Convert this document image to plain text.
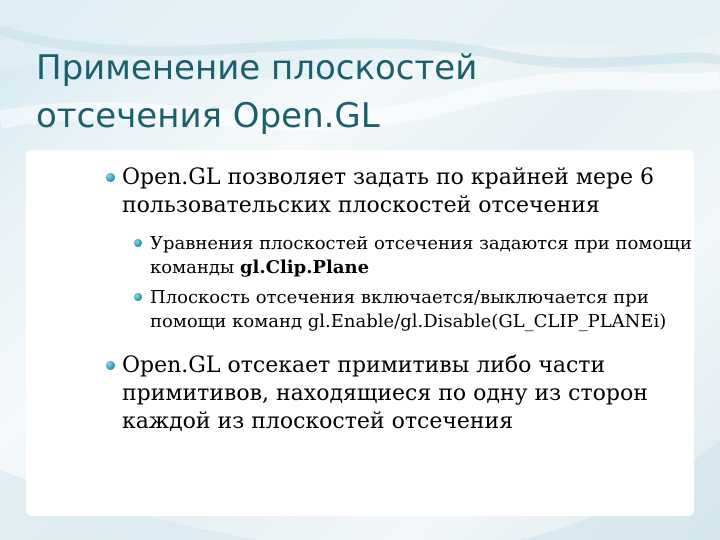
Применение плоскостей
отсечения Open.GL

Open.GL позволяет задать по крайней мере 6 пользовательских плоскостей отсечения

Уравнения плоскостей отсечения задаются при помощи команды gl.Clip.Plane

Плоскость отсечения включается/выключается при помощи команд gl.Enable/gl.Disable(GL_CLIP_PLANEi)

Open.GL отсекает примитивы либо части примитивов, находящиеся по одну из сторон каждой из плоскостей отсечения
